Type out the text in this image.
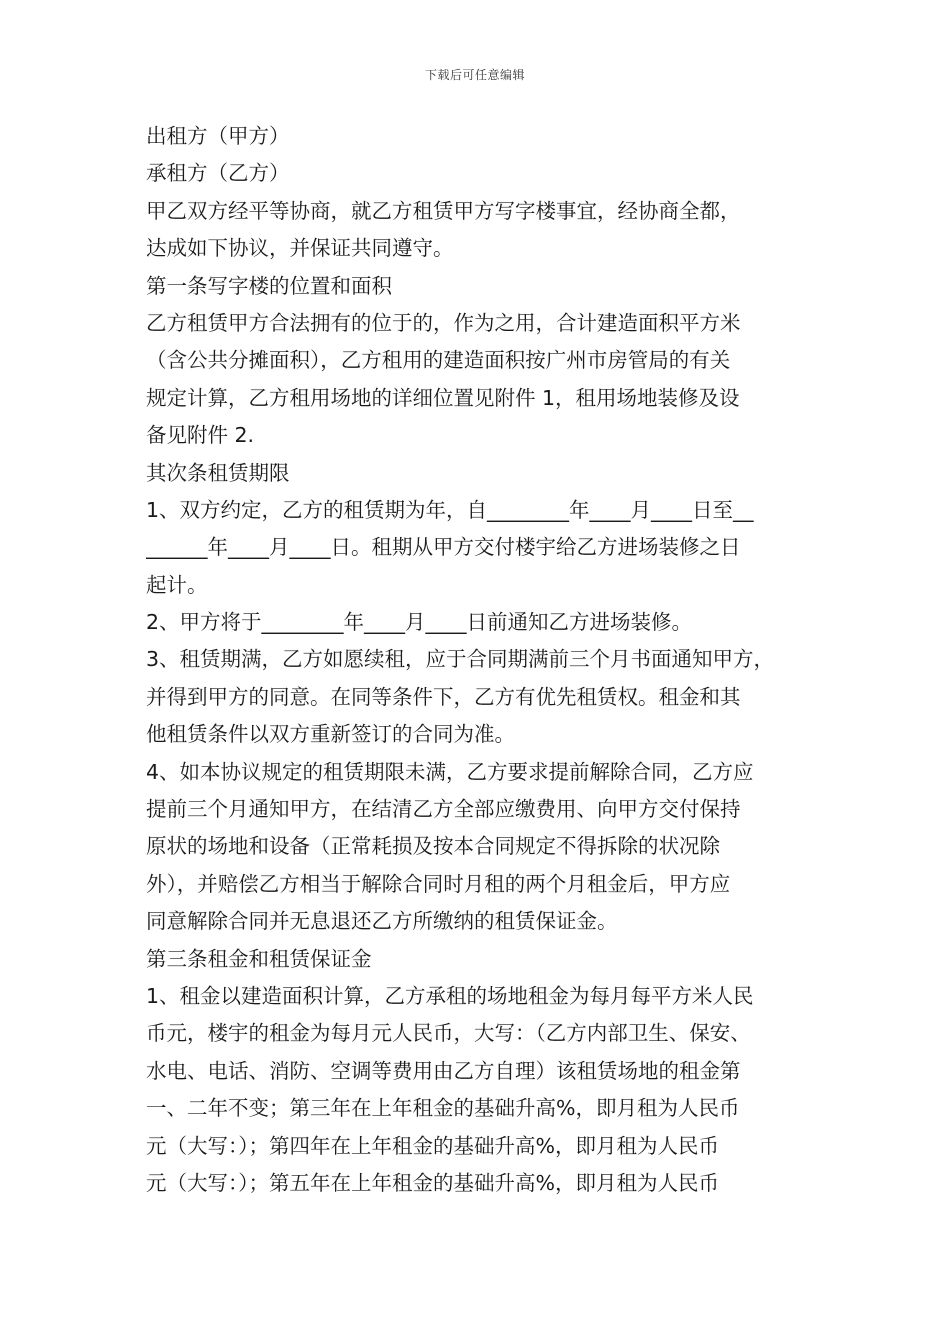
下载后可任意编辑
出租方（甲方）
承租方（乙方）
甲乙双方经平等协商，就乙方租赁甲方写字楼事宜，经协商全都，
达成如下协议，并保证共同遵守。
第一条写字楼的位置和面积
乙方租赁甲方合法拥有的位于的，作为之用，合计建造面积平方米
（含公共分摊面积），乙方租用的建造面积按广州市房管局的有关
规定计算，乙方租用场地的详细位置见附件 1，租用场地装修及设
备见附件 2.
其次条租赁期限
1、双方约定，乙方的租赁期为年，自________年____月____日至__
______年____月____日。租期从甲方交付楼宇给乙方进场装修之日
起计。
2、甲方将于________年____月____日前通知乙方进场装修。
3、租赁期满，乙方如愿续租，应于合同期满前三个月书面通知甲方，
并得到甲方的同意。在同等条件下，乙方有优先租赁权。租金和其
他租赁条件以双方重新签订的合同为准。
4、如本协议规定的租赁期限未满，乙方要求提前解除合同，乙方应
提前三个月通知甲方，在结清乙方全部应缴费用、向甲方交付保持
原状的场地和设备（正常耗损及按本合同规定不得拆除的状况除
外），并赔偿乙方相当于解除合同时月租的两个月租金后，甲方应
同意解除合同并无息退还乙方所缴纳的租赁保证金。
第三条租金和租赁保证金
1、租金以建造面积计算，乙方承租的场地租金为每月每平方米人民
币元，楼宇的租金为每月元人民币，大写：（乙方内部卫生、保安、
水电、电话、消防、空调等费用由乙方自理）该租赁场地的租金第
一、二年不变；第三年在上年租金的基础升高%，即月租为人民币
元（大写：）；第四年在上年租金的基础升高%，即月租为人民币
元（大写：）；第五年在上年租金的基础升高%，即月租为人民币
